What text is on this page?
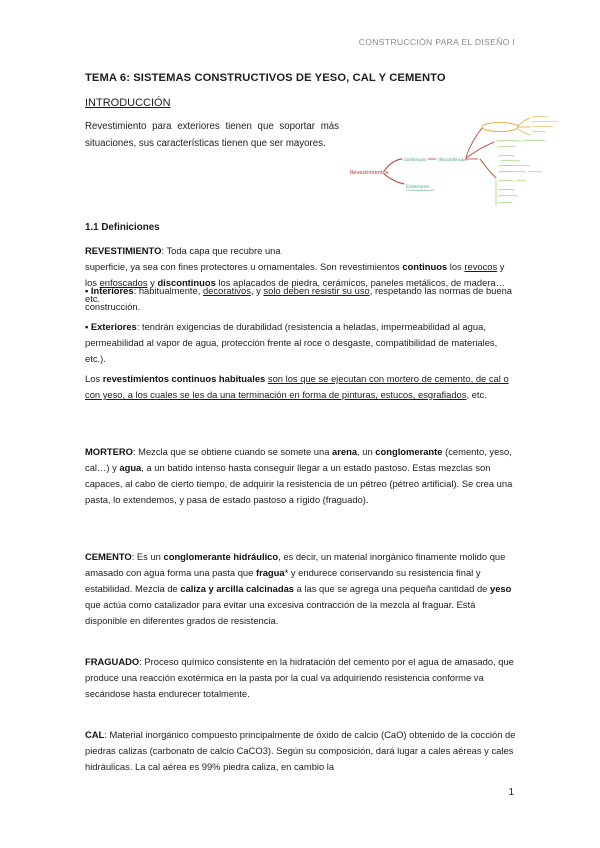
CONSTRUCCIÓN PARA EL DISEÑO I
TEMA 6: SISTEMAS CONSTRUCTIVOS DE YESO, CAL Y CEMENTO
INTRODUCCIÓN
Revestimiento para exteriores tienen que soportar más situaciones, sus características tienen que ser mayores.
Revestimientos
continuos	discontinuos
Exteriores
1.1 Definiciones
REVESTIMIENTO: Toda capa que recubre una
superficie, ya sea con fines protectores u ornamentales. Son revestimientos continuos los revocos y los enfoscados y discontinuos los aplacados de piedra, cerámicos, paneles metálicos, de madera… etc.
• Interiores: habitualmente, decorativos, y solo deben resistir su uso, respetando las normas de buena construcción.
• Exteriores: tendrán exigencias de durabilidad (resistencia a heladas, impermeabilidad al agua, permeabilidad al vapor de agua, protección frente al roce o desgaste, compatibilidad de materiales, etc.).
Los revestimientos continuos habituales son los que se ejecutan con mortero de cemento, de cal o con yeso, a los cuales se les da una terminación en forma de pinturas, estucos, esgrafiados, etc.
MORTERO: Mezcla que se obtiene cuando se somete una arena, un conglomerante (cemento, yeso, cal…) y agua, a un batido intenso hasta conseguir llegar a un estado pastoso. Estas mezclas son capaces, al cabo de cierto tiempo, de adquirir la resistencia de un pétreo (pétreo artificial). Se crea una pasta, lo extendemos, y pasa de estado pastoso a rígido (fraguado).
CEMENTO: Es un conglomerante hidráulico, es decir, un material inorgánico finamente molido que amasado con agua forma una pasta que fragua* y endurece conservando su resistencia final y estabilidad. Mezcla de caliza y arcilla calcinadas a las que se agrega una pequeña cantidad de yeso que actúa como catalizador para evitar una excesiva contracción de la mezcla al fraguar. Está disponible en diferentes grados de resistencia.
FRAGUADO: Proceso químico consistente en la hidratación del cemento por el agua de amasado, que produce una reacción exotérmica en la pasta por la cual va adquiriendo resistencia conforme va secándose hasta endurecer totalmente.
CAL: Material inorgánico compuesto principalmente de óxido de calcio (CaO) obtenido de la cocción de piedras calizas (carbonato de calcio CaCO3). Según su composición, dará lugar a cales aéreas y cales hidráulicas. La cal aérea es 99% piedra caliza, en cambio la
1
